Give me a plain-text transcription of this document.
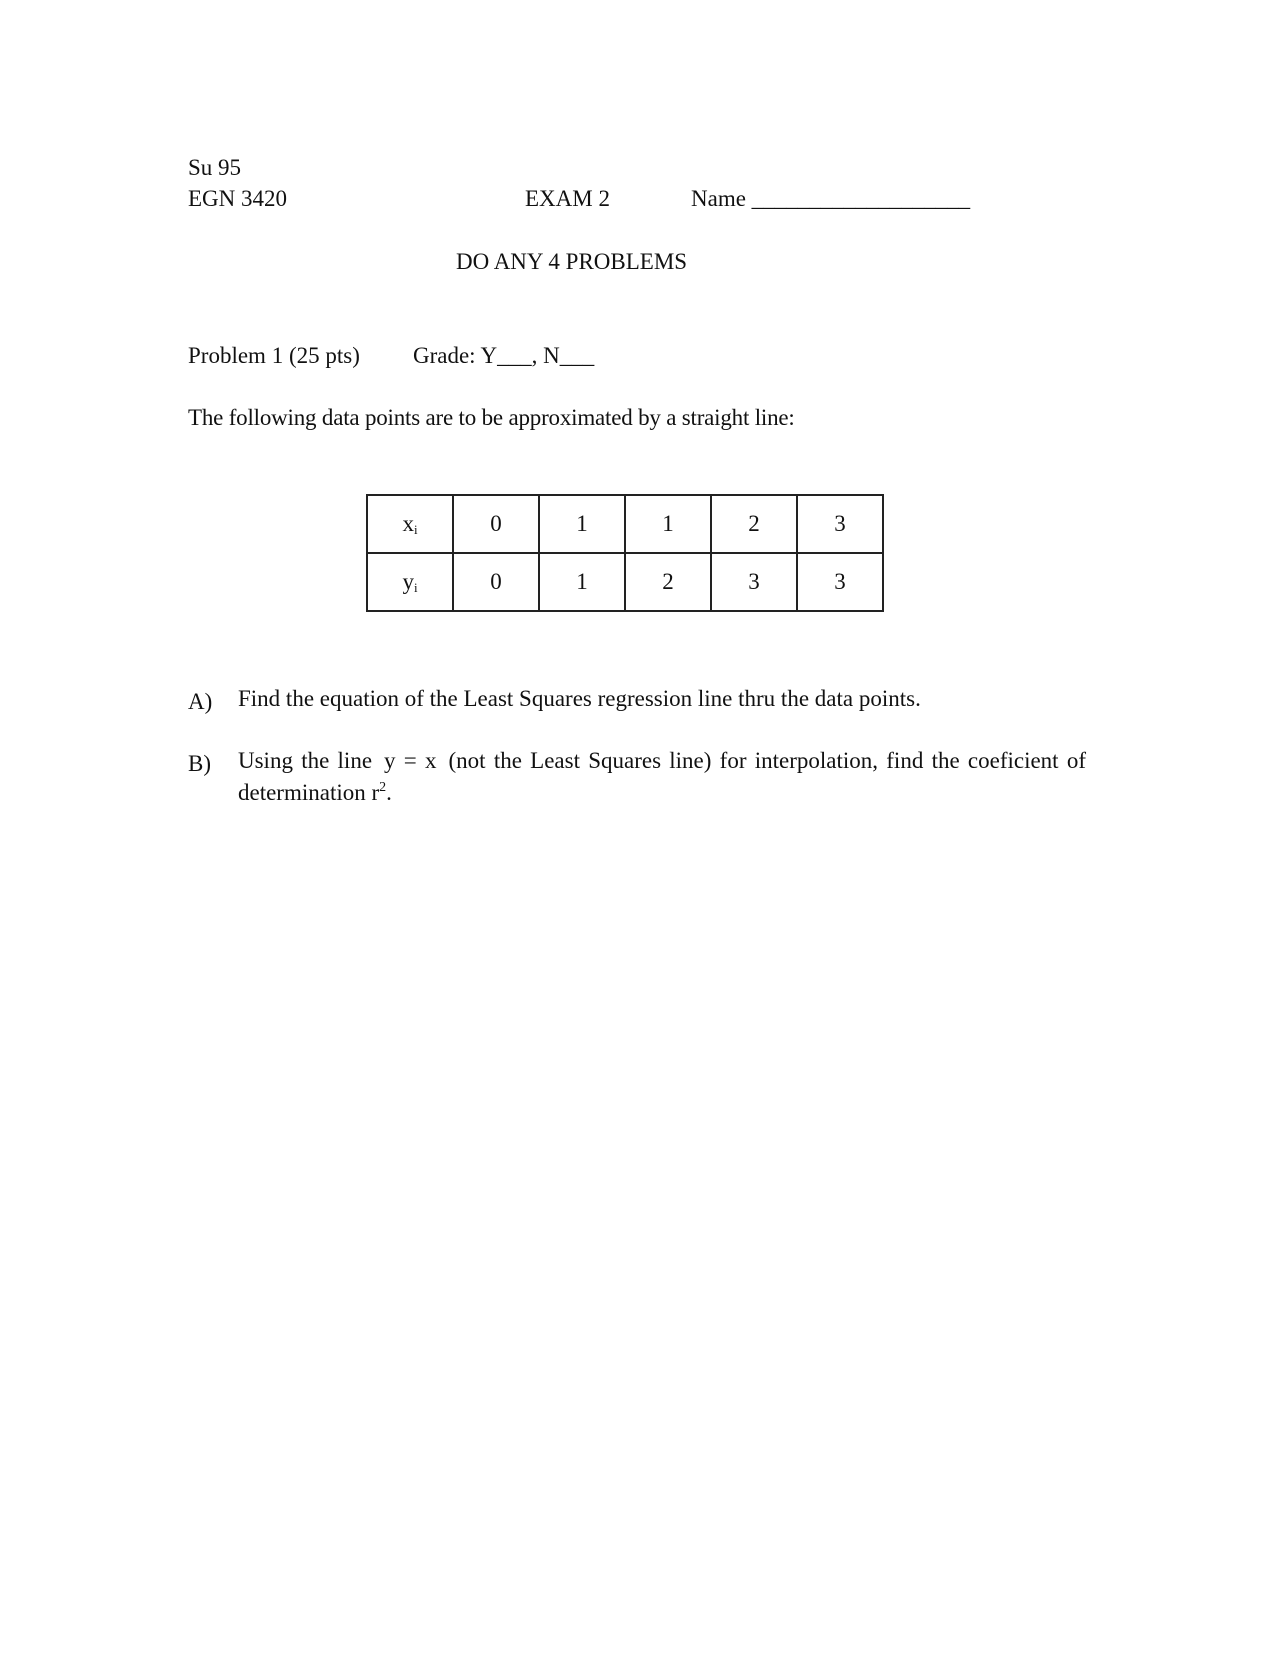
Su 95
EGN 3420	EXAM 2	Name ___________________
DO ANY 4 PROBLEMS
Problem 1 (25 pts) Grade: Y___, N___
The following data points are to be approximated by a straight line:
$x_i$	0	1	1	2	3
$y_i$	0	1	2	3	3
A) Find the equation of the Least Squares regression line thru the data points.
B) Using the line y = x (not the Least Squares line) for interpolation, find the coeficient of
determination $r^2$.
